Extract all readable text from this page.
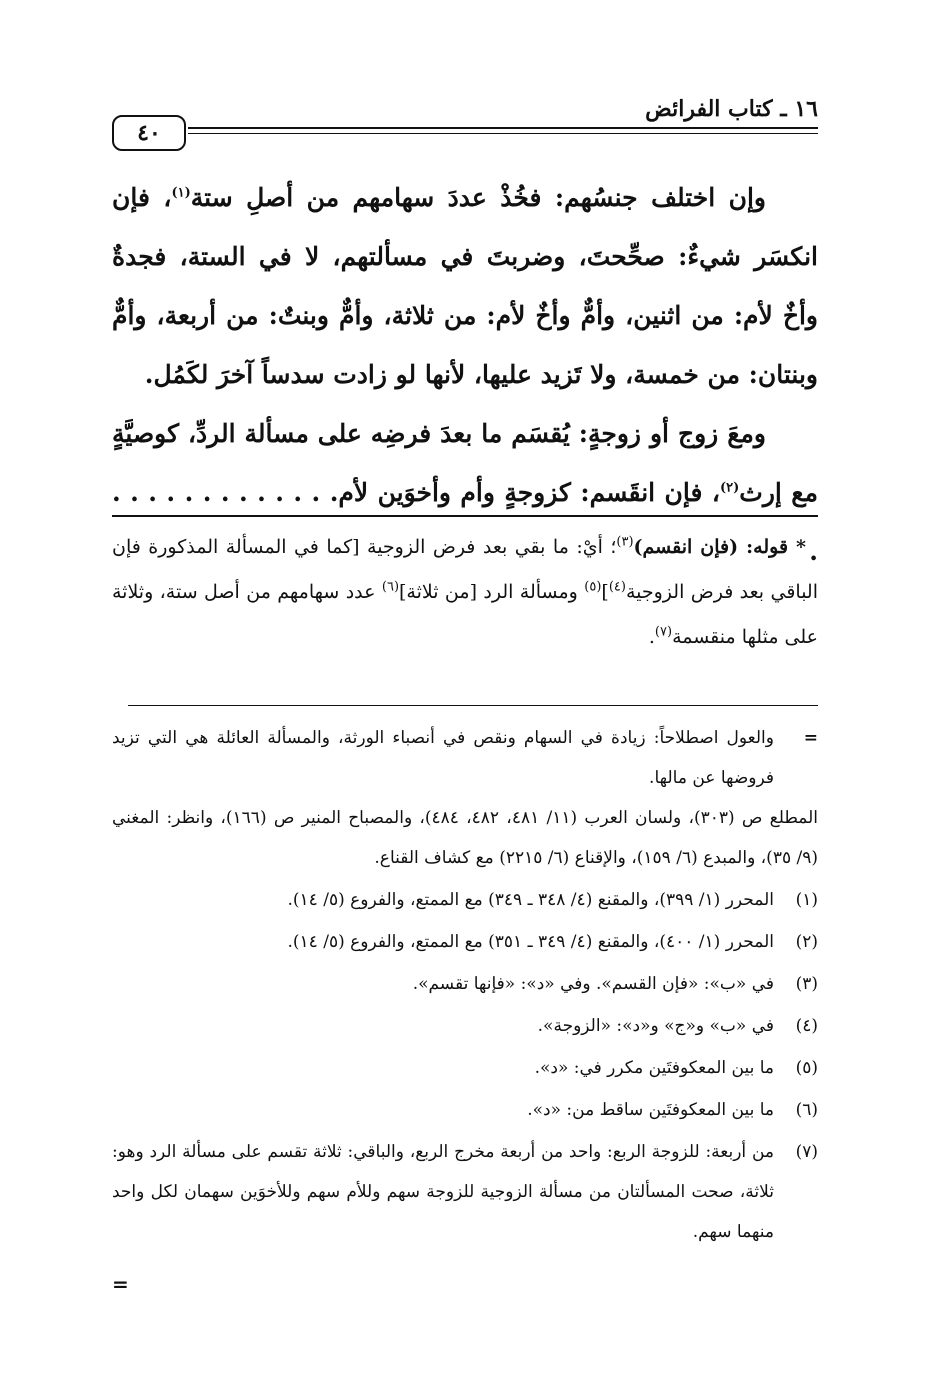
١٦ ـ كتاب الفرائض
٤٠

وإن اختلف جنسُهم: فخُذْ عددَ سهامهم من أصلِ ستة$^{(١)}$، فإن انكسَر شيءٌ: صحِّحتَ، وضربتَ في مسألتهم، لا في الستة، فجدةٌ وأخٌ لأم: من اثنين، وأمٌّ وأخٌ لأم: من ثلاثة، وأمٌّ وبنتٌ: من أربعة، وأمٌّ وبنتان: من خمسة، ولا تَزيد عليها، لأنها لو زادت سدساً آخرَ لكَمُل.

ومعَ زوج أو زوجةٍ: يُقسَم ما بعدَ فرضِه على مسألة الردِّ، كوصيَّةٍ مع إرث$^{(٢)}$، فإن انقَسم: كزوجةٍ وأم وأخوَين لأم. . . . . . . . . . . . . .

* قوله: (فإن انقسم)$^{(٣)}$؛ أيْ: ما بقي بعد فرض الزوجية [كما في المسألة المذكورة فإن الباقي بعد فرض الزوجية$^{(٤)}$]$^{(٥)}$ ومسألة الرد [من ثلاثة]$^{(٦)}$ عدد سهامهم من أصل ستة، وثلاثة على مثلها منقسمة$^{(٧)}$.

=
والعول اصطلاحاً: زيادة في السهام ونقص في أنصباء الورثة، والمسألة العائلة هي التي تزيد فروضها عن مالها.
المطلع ص (٣٠٣)، ولسان العرب (١١/ ٤٨١، ٤٨٢، ٤٨٤)، والمصباح المنير ص (١٦٦)، وانظر: المغني (٩/ ٣٥)، والمبدع (٦/ ١٥٩)، والإقناع (٦/ ٢٢١٥) مع كشاف القناع.
(١)
المحرر (١/ ٣٩٩)، والمقنع (٤/ ٣٤٨ ـ ٣٤٩) مع الممتع، والفروع (٥/ ١٤).
(٢)
المحرر (١/ ٤٠٠)، والمقنع (٤/ ٣٤٩ ـ ٣٥١) مع الممتع، والفروع (٥/ ١٤).
(٣)
في «ب»: «فإن القسم». وفي «د»: «فإنها تقسم».
(٤)
في «ب» و«ج» و«د»: «الزوجة».
(٥)
ما بين المعكوفتَين مكرر في: «د».
(٦)
ما بين المعكوفتَين ساقط من: «د».
(٧)
من أربعة: للزوجة الربع: واحد من أربعة مخرج الربع، والباقي: ثلاثة تقسم على مسألة الرد وهو: ثلاثة، صحت المسألتان من مسألة الزوجية للزوجة سهم وللأم سهم وللأخوَين سهمان لكل واحد منهما سهم.
=
